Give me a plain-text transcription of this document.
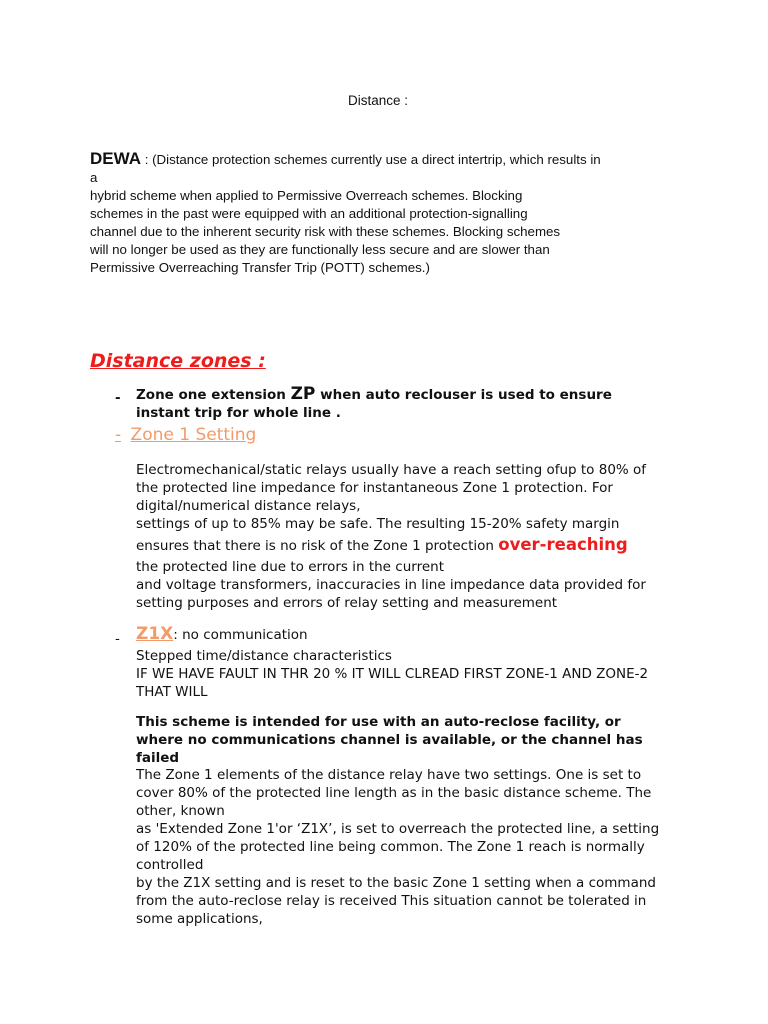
Distance :
DEWA : (Distance protection schemes currently use a direct intertrip, which results in
a
hybrid scheme when applied to Permissive Overreach schemes. Blocking
schemes in the past were equipped with an additional protection-signalling
channel due to the inherent security risk with these schemes. Blocking schemes
will no longer be used as they are functionally less secure and are slower than
Permissive Overreaching Transfer Trip (POTT) schemes.)
Distance zones :
- Zone one extension ZP when auto reclouser is used to ensure
instant trip for whole line .
- Zone 1 Setting
Electromechanical/static relays usually have a reach setting ofup to 80% of
the protected line impedance for instantaneous Zone 1 protection. For
digital/numerical distance relays,
settings of up to 85% may be safe. The resulting 15-20% safety margin
ensures that there is no risk of the Zone 1 protection over-reaching
the protected line due to errors in the current
and voltage transformers, inaccuracies in line impedance data provided for
setting purposes and errors of relay setting and measurement
- Z1X: no communication
Stepped time/distance characteristics
IF WE HAVE FAULT IN THR 20 % IT WILL CLREAD FIRST ZONE-1 AND ZONE-2
THAT WILL
This scheme is intended for use with an auto-reclose facility, or
where no communications channel is available, or the channel has
failed
The Zone 1 elements of the distance relay have two settings. One is set to
cover 80% of the protected line length as in the basic distance scheme. The
other, known
as 'Extended Zone 1'or ‘Z1X’, is set to overreach the protected line, a setting
of 120% of the protected line being common. The Zone 1 reach is normally
controlled
by the Z1X setting and is reset to the basic Zone 1 setting when a command
from the auto-reclose relay is received This situation cannot be tolerated in
some applications,
